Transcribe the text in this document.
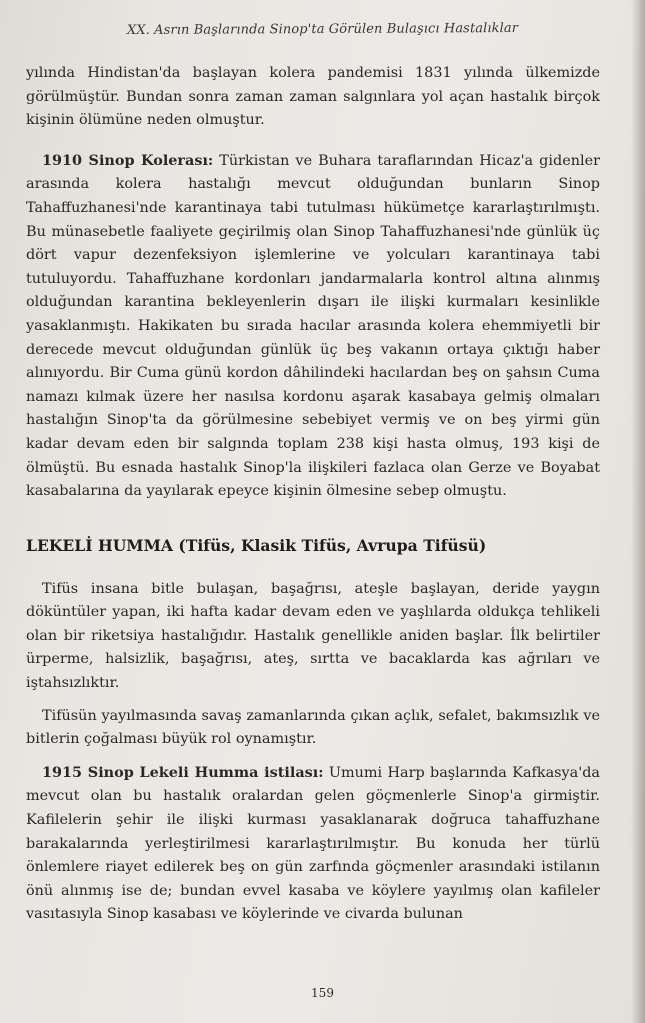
XX. Asrın Başlarında Sinop'ta Görülen Bulaşıcı Hastalıklar

yılında Hindistan'da başlayan kolera pandemisi 1831 yılında ülkemizde görülmüştür. Bundan sonra zaman zaman salgınlara yol açan hastalık birçok kişinin ölümüne neden olmuştur.

1910 Sinop Kolerası: Türkistan ve Buhara taraflarından Hicaz'a gidenler arasında kolera hastalığı mevcut olduğundan bunların Sinop Tahaffuzhanesi'nde karantinaya tabi tutulması hükümetçe kararlaştırılmıştı. Bu münasebetle faaliyete geçirilmiş olan Sinop Tahaffuzhanesi'nde günlük üç dört vapur dezenfeksiyon işlemlerine ve yolcuları karantinaya tabi tutuluyordu. Tahaffuzhane kordonları jandarmalarla kontrol altına alınmış olduğundan karantina bekleyenlerin dışarı ile ilişki kurmaları kesinlikle yasaklanmıştı. Hakikaten bu sırada hacılar arasında kolera ehemmiyetli bir derecede mevcut olduğundan günlük üç beş vakanın ortaya çıktığı haber alınıyordu. Bir Cuma günü kordon dâhilindeki hacılardan beş on şahsın Cuma namazı kılmak üzere her nasılsa kordonu aşarak kasabaya gelmiş olmaları hastalığın Sinop'ta da görülmesine sebebiyet vermiş ve on beş yirmi gün kadar devam eden bir salgında toplam 238 kişi hasta olmuş, 193 kişi de ölmüştü. Bu esnada hastalık Sinop'la ilişkileri fazlaca olan Gerze ve Boyabat kasabalarına da yayılarak epeyce kişinin ölmesine sebep olmuştu.

LEKELİ HUMMA (Tifüs, Klasik Tifüs, Avrupa Tifüsü)

Tifüs insana bitle bulaşan, başağrısı, ateşle başlayan, deride yaygın döküntüler yapan, iki hafta kadar devam eden ve yaşlılarda oldukça tehlikeli olan bir riketsiya hastalığıdır. Hastalık genellikle aniden başlar. İlk belirtiler ürperme, halsizlik, başağrısı, ateş, sırtta ve bacaklarda kas ağrıları ve iştahsızlıktır.

Tifüsün yayılmasında savaş zamanlarında çıkan açlık, sefalet, bakımsızlık ve bitlerin çoğalması büyük rol oynamıştır.

1915 Sinop Lekeli Humma istilası: Umumi Harp başlarında Kafkasya'da mevcut olan bu hastalık oralardan gelen göçmenlerle Sinop'a girmiştir. Kafilelerin şehir ile ilişki kurması yasaklanarak doğruca tahaffuzhane barakalarında yerleştirilmesi kararlaştırılmıştır. Bu konuda her türlü önlemlere riayet edilerek beş on gün zarfında göçmenler arasındaki istilanın önü alınmış ise de; bundan evvel kasaba ve köylere yayılmış olan kafileler vasıtasıyla Sinop kasabası ve köylerinde ve civarda bulunan

159
